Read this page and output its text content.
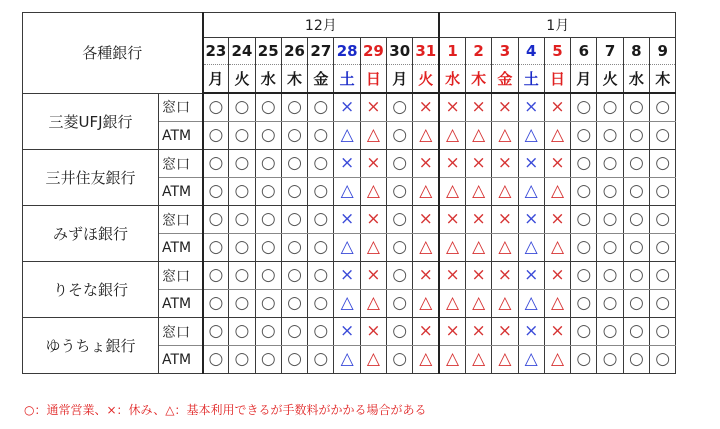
各種銀行		12月									1月								
		23	24	25	26	27	28	29	30	31	1	2	3	4	5	6	7	8	9
		月	火	水	木	金	土	日	月	火	水	木	金	土	日	月	火	水	木
三菱UFJ銀行	窓口	○	○	○	○	○	×	×	○	×	×	×	×	×	×	○	○	○	○
	ATM	○	○	○	○	○	△	△	○	△	△	△	△	△	△	○	○	○	○
三井住友銀行	窓口	○	○	○	○	○	×	×	○	×	×	×	×	×	×	○	○	○	○
	ATM	○	○	○	○	○	△	△	○	△	△	△	△	△	△	○	○	○	○
みずほ銀行	窓口	○	○	○	○	○	×	×	○	×	×	×	×	×	×	○	○	○	○
	ATM	○	○	○	○	○	△	△	○	△	△	△	△	△	△	○	○	○	○
りそな銀行	窓口	○	○	○	○	○	×	×	○	×	×	×	×	×	×	○	○	○	○
	ATM	○	○	○	○	○	△	△	○	△	△	△	△	△	△	○	○	○	○
ゆうちょ銀行	窓口	○	○	○	○	○	×	×	○	×	×	×	×	×	×	○	○	○	○
	ATM	○	○	○	○	○	△	△	○	△	△	△	△	△	△	○	○	○	○
○：通常営業、×：休み、△：基本利用できるが手数料がかかる場合がある
